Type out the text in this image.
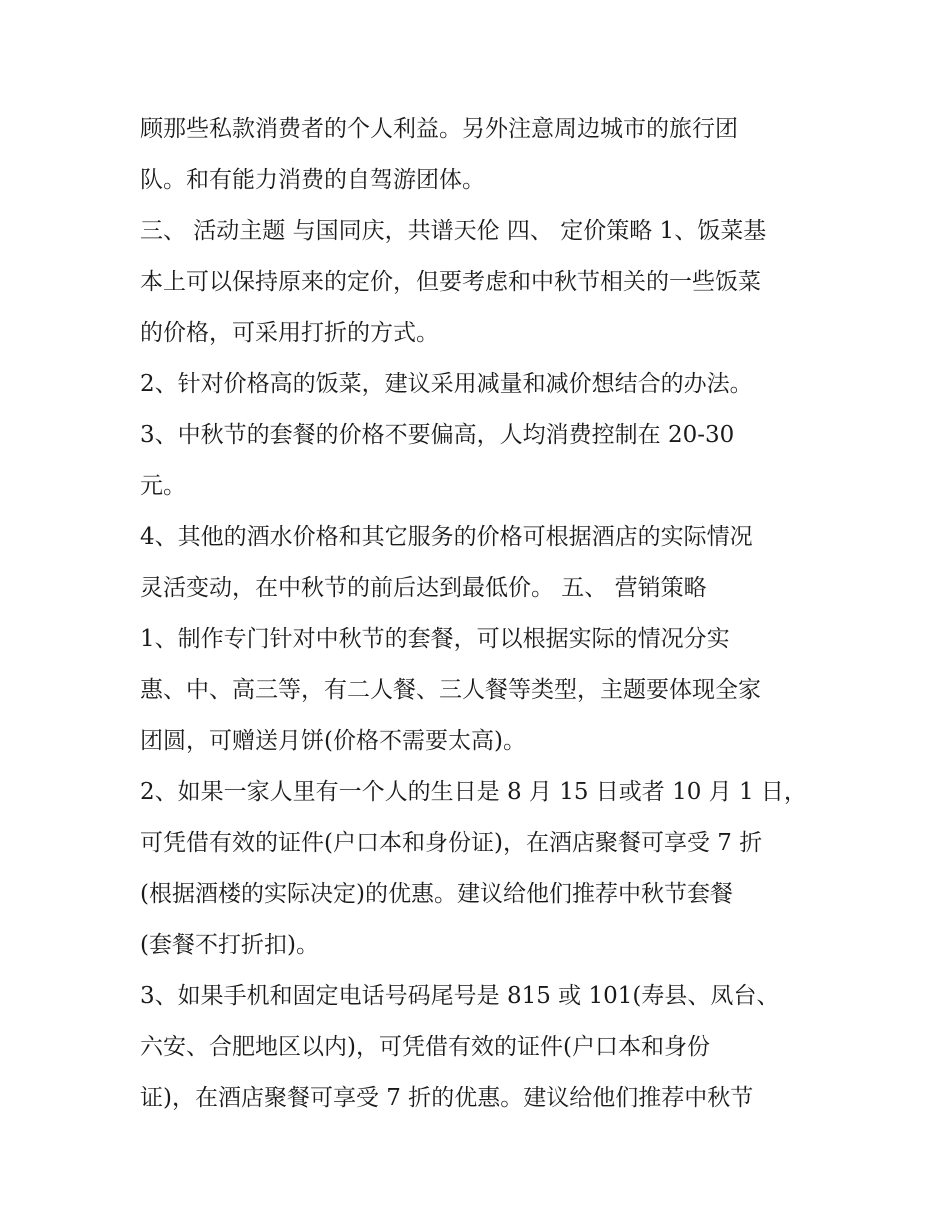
顾那些私款消费者的个人利益。另外注意周边城市的旅行团
队。和有能力消费的自驾游团体。
三、 活动主题 与国同庆，共谱天伦 四、 定价策略 1、饭菜基
本上可以保持原来的定价，但要考虑和中秋节相关的一些饭菜
的价格，可采用打折的方式。
2、针对价格高的饭菜，建议采用减量和减价想结合的办法。
3、中秋节的套餐的价格不要偏高，人均消费控制在 20-30
元。
4、其他的酒水价格和其它服务的价格可根据酒店的实际情况
灵活变动，在中秋节的前后达到最低价。 五、 营销策略
1、制作专门针对中秋节的套餐，可以根据实际的情况分实
惠、中、高三等，有二人餐、三人餐等类型，主题要体现全家
团圆，可赠送月饼(价格不需要太高)。
2、如果一家人里有一个人的生日是 8 月 15 日或者 10 月 1 日，
可凭借有效的证件(户口本和身份证)，在酒店聚餐可享受 7 折
(根据酒楼的实际决定)的优惠。建议给他们推荐中秋节套餐
(套餐不打折扣)。
3、如果手机和固定电话号码尾号是 815 或 101(寿县、凤台、
六安、合肥地区以内)，可凭借有效的证件(户口本和身份
证)，在酒店聚餐可享受 7 折的优惠。建议给他们推荐中秋节
